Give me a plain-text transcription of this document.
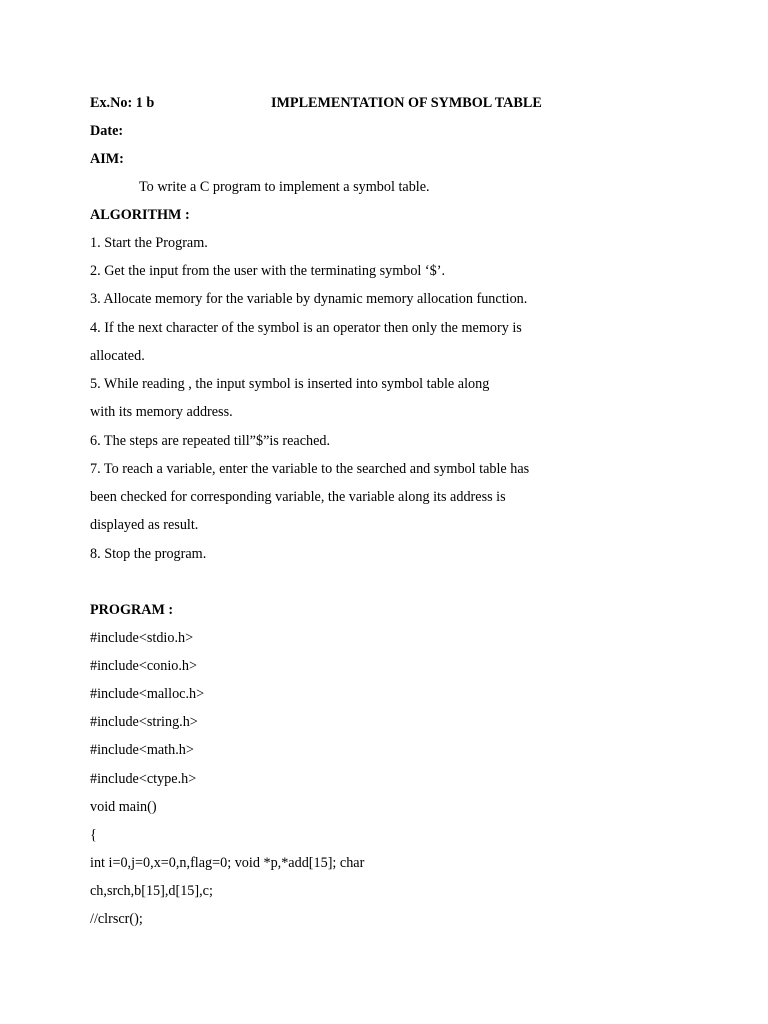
Ex.No: 1 b	IMPLEMENTATION OF SYMBOL TABLE
Date:
AIM:
To write a C program to implement a symbol table.
ALGORITHM :
1. Start the Program.
2. Get the input from the user with the terminating symbol ‘$’.
3. Allocate memory for the variable by dynamic memory allocation function.
4. If the next character of the symbol is an operator then only the memory is
allocated.
5. While reading , the input symbol is inserted into symbol table along
with its memory address.
6. The steps are repeated till”$”is reached.
7. To reach a variable, enter the variable to the searched and symbol table has
been checked for corresponding variable, the variable along its address is
displayed as result.
8. Stop the program.
PROGRAM :
#include<stdio.h>
#include<conio.h>
#include<malloc.h>
#include<string.h>
#include<math.h>
#include<ctype.h>
void main()
{
int i=0,j=0,x=0,n,flag=0; void *p,*add[15]; char
ch,srch,b[15],d[15],c;
//clrscr();
